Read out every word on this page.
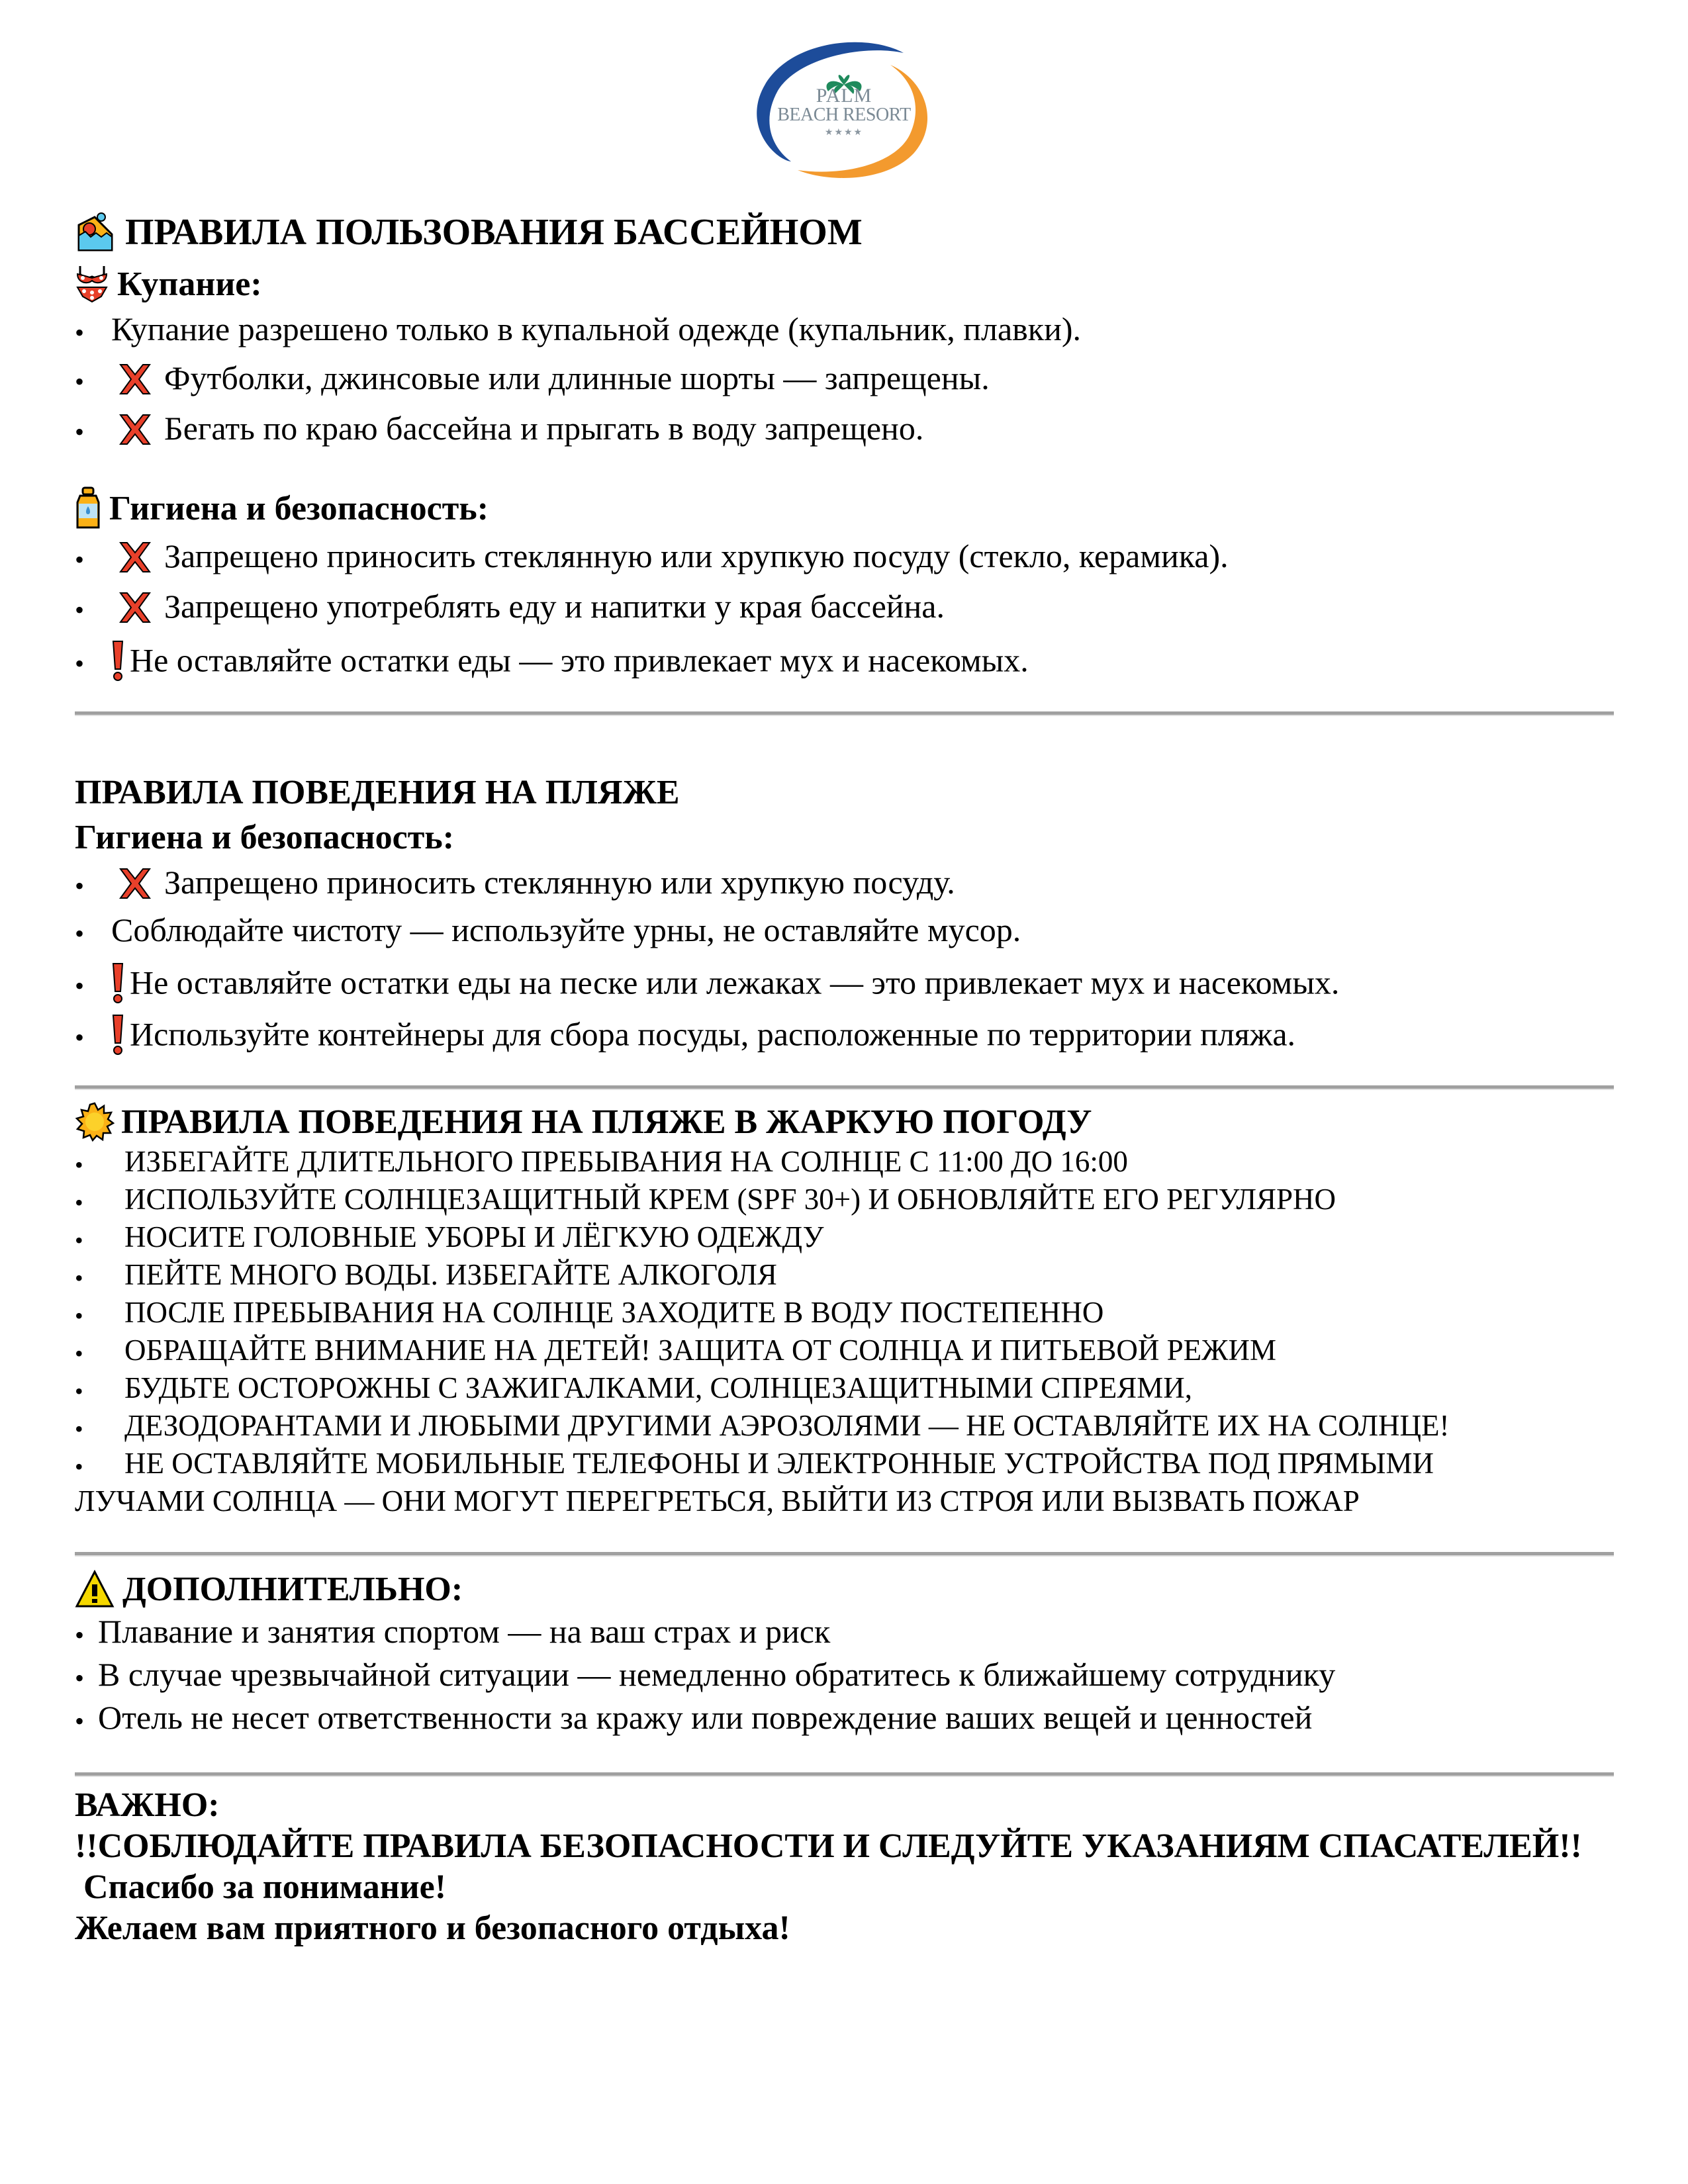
PALM
BEACH RESORT
★★★★
ПРАВИЛА ПОЛЬЗОВАНИЯ БАССЕЙНОМ
Купание:
• Купание разрешено только в купальной одежде (купальник, плавки).
• Футболки, джинсовые или длинные шорты — запрещены.
• Бегать по краю бассейна и прыгать в воду запрещено.
Гигиена и безопасность:
• Запрещено приносить стеклянную или хрупкую посуду (стекло, керамика).
• Запрещено употреблять еду и напитки у края бассейна.
• Не оставляйте остатки еды — это привлекает мух и насекомых.
ПРАВИЛА ПОВЕДЕНИЯ НА ПЛЯЖЕ
Гигиена и безопасность:
• Запрещено приносить стеклянную или хрупкую посуду.
• Соблюдайте чистоту — используйте урны, не оставляйте мусор.
• Не оставляйте остатки еды на песке или лежаках — это привлекает мух и насекомых.
• Используйте контейнеры для сбора посуды, расположенные по территории пляжа.
ПРАВИЛА ПОВЕДЕНИЯ НА ПЛЯЖЕ В ЖАРКУЮ ПОГОДУ
• ИЗБЕГАЙТЕ ДЛИТЕЛЬНОГО ПРЕБЫВАНИЯ НА СОЛНЦЕ С 11:00 ДО 16:00
• ИСПОЛЬЗУЙТЕ СОЛНЦЕЗАЩИТНЫЙ КРЕМ (SPF 30+) И ОБНОВЛЯЙТЕ ЕГО РЕГУЛЯРНО
• НОСИТЕ ГОЛОВНЫЕ УБОРЫ И ЛЁГКУЮ ОДЕЖДУ
• ПЕЙТЕ МНОГО ВОДЫ. ИЗБЕГАЙТЕ АЛКОГОЛЯ
• ПОСЛЕ ПРЕБЫВАНИЯ НА СОЛНЦЕ ЗАХОДИТЕ В ВОДУ ПОСТЕПЕННО
• ОБРАЩАЙТЕ ВНИМАНИЕ НА ДЕТЕЙ! ЗАЩИТА ОТ СОЛНЦА И ПИТЬЕВОЙ РЕЖИМ
• БУДЬТЕ ОСТОРОЖНЫ С ЗАЖИГАЛКАМИ, СОЛНЦЕЗАЩИТНЫМИ СПРЕЯМИ,
• ДЕЗОДОРАНТАМИ И ЛЮБЫМИ ДРУГИМИ АЭРОЗОЛЯМИ — НЕ ОСТАВЛЯЙТЕ ИХ НА СОЛНЦЕ!
• НЕ ОСТАВЛЯЙТЕ МОБИЛЬНЫЕ ТЕЛЕФОНЫ И ЭЛЕКТРОННЫЕ УСТРОЙСТВА ПОД ПРЯМЫМИ
ЛУЧАМИ СОЛНЦА — ОНИ МОГУТ ПЕРЕГРЕТЬСЯ, ВЫЙТИ ИЗ СТРОЯ ИЛИ ВЫЗВАТЬ ПОЖАР
ДОПОЛНИТЕЛЬНО:
• Плавание и занятия спортом — на ваш страх и риск
• В случае чрезвычайной ситуации — немедленно обратитесь к ближайшему сотруднику
• Отель не несет ответственности за кражу или повреждение ваших вещей и ценностей
ВАЖНО:
!!СОБЛЮДАЙТЕ ПРАВИЛА БЕЗОПАСНОСТИ И СЛЕДУЙТЕ УКАЗАНИЯМ СПАСАТЕЛЕЙ!!
Спасибо за понимание!
Желаем вам приятного и безопасного отдыха!
